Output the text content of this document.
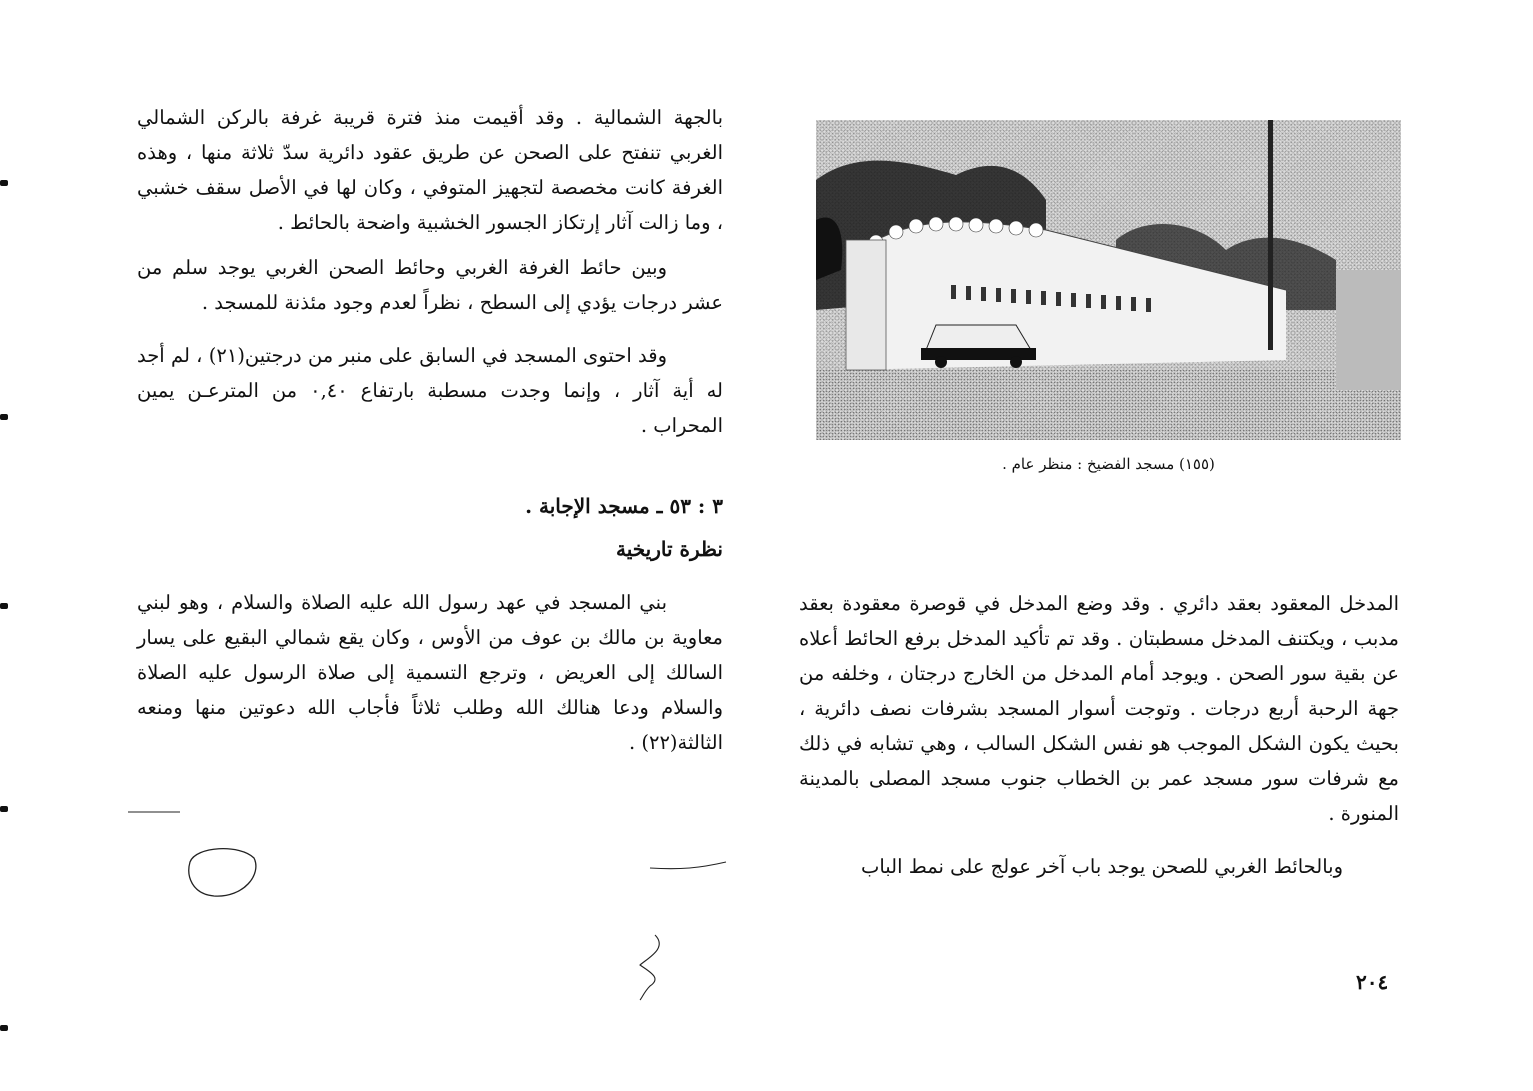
بالجهة الشمالية . وقد أقيمت منذ فترة قريبة غرفة بالركن الشمالي الغربي تنفتح على الصحن عن طريق عقود دائرية سدّ ثلاثة منها ، وهذه الغرفة كانت مخصصة لتجهيز المتوفي ، وكان لها في الأصل سقف خشبي ، وما زالت آثار إرتكاز الجسور الخشبية واضحة بالحائط .

وبين حائط الغرفة الغربي وحائط الصحن الغربي يوجد سلم من عشر درجات يؤدي إلى السطح ، نظراً لعدم وجود مئذنة للمسجد .

وقد احتوى المسجد في السابق على منبر من درجتين(٢١) ، لم أجد له أية آثار ، وإنما وجدت مسطبة بارتفاع ٠,٤٠ من المترعـن يمين المحراب .

٣ : ٥٣ ـ مسجد الإجابة .

نظرة تاريخية

بني المسجد في عهد رسول الله عليه الصلاة والسلام ، وهو لبني معاوية بن مالك بن عوف من الأوس ، وكان يقع شمالي البقيع على يسار السالك إلى العريض ، وترجع التسمية إلى صلاة الرسول عليه الصلاة والسلام ودعا هنالك الله وطلب ثلاثاً فأجاب الله دعوتين منها ومنعه الثالثة(٢٢) .

(١٥٥) مسجد الفضيخ : منظر عام .

المدخل المعقود بعقد دائري . وقد وضع المدخل في قوصرة معقودة بعقد مدبب ، ويكتنف المدخل مسطبتان . وقد تم تأكيد المدخل برفع الحائط أعلاه عن بقية سور الصحن . ويوجد أمام المدخل من الخارج درجتان ، وخلفه من جهة الرحبة أربع درجات . وتوجت أسوار المسجد بشرفات نصف دائرية ، بحيث يكون الشكل الموجب هو نفس الشكل السالب ، وهي تشابه في ذلك مع شرفات سور مسجد عمر بن الخطاب جنوب مسجد المصلى بالمدينة المنورة .

وبالحائط الغربي للصحن يوجد باب آخر عولج على نمط الباب

٢٠٤
